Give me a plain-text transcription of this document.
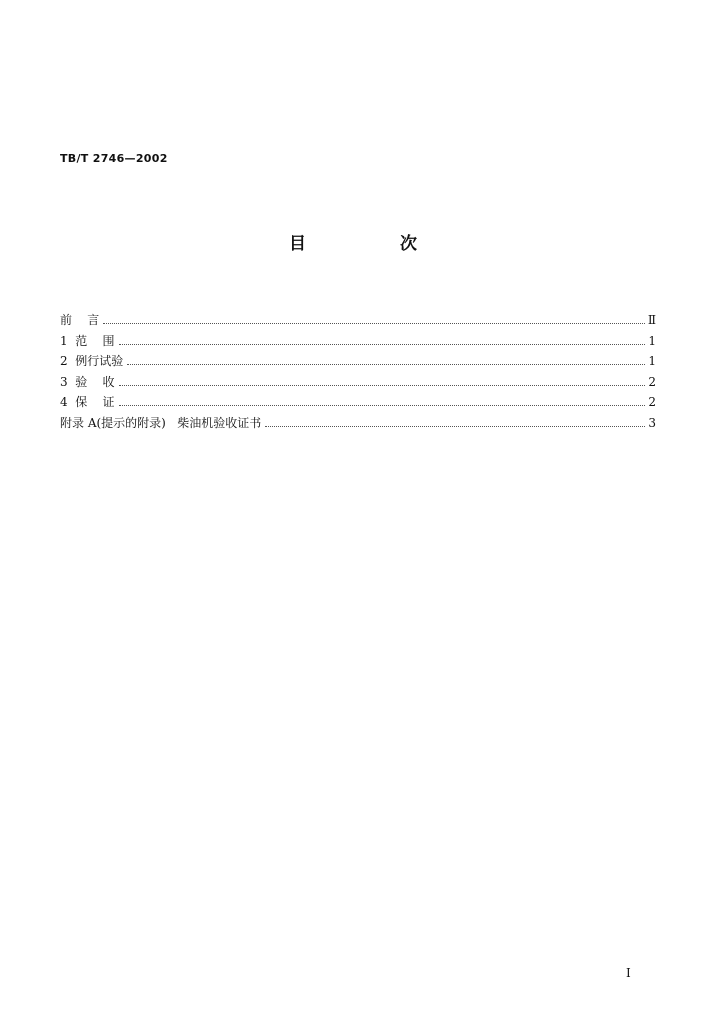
TB/T 2746—2002
目 次
前    言	Ⅱ
1  范    围	1
2  例行试验	1
3  验    收	2
4  保    证	2
附录 A(提示的附录)   柴油机验收证书	3
Ⅰ
